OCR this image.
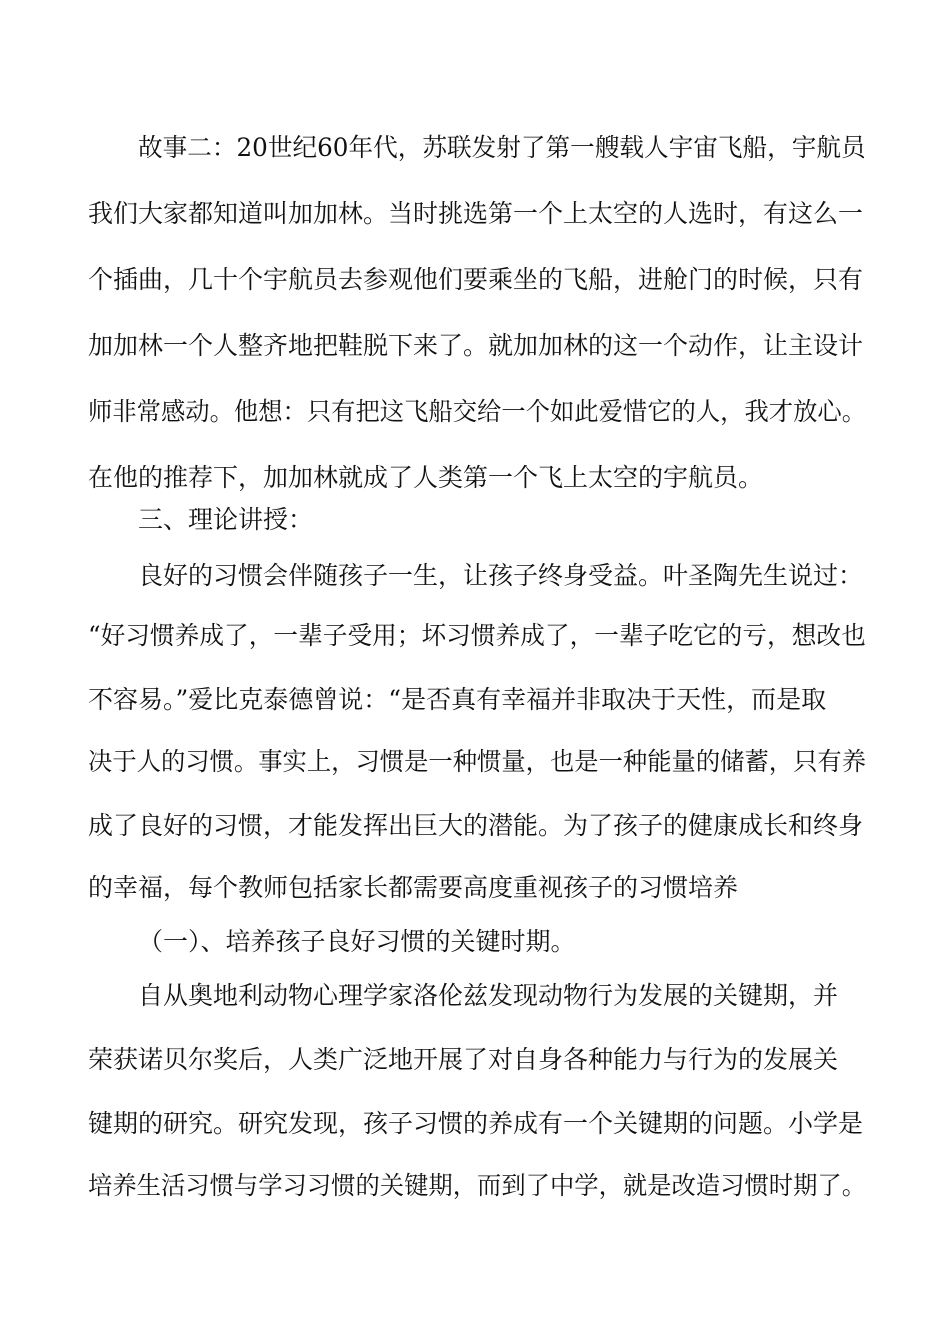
故事二：20世纪60年代，苏联发射了第一艘载人宇宙飞船，宇航员
我们大家都知道叫加加林。当时挑选第一个上太空的人选时，有这么一
个插曲，几十个宇航员去参观他们要乘坐的飞船，进舱门的时候，只有
加加林一个人整齐地把鞋脱下来了。就加加林的这一个动作，让主设计
师非常感动。他想：只有把这飞船交给一个如此爱惜它的人，我才放心。
在他的推荐下，加加林就成了人类第一个飞上太空的宇航员。
三、理论讲授：
良好的习惯会伴随孩子一生，让孩子终身受益。叶圣陶先生说过：
“好习惯养成了，一辈子受用；坏习惯养成了，一辈子吃它的亏，想改也
不容易。”爱比克泰德曾说：“是否真有幸福并非取决于天性，而是取
决于人的习惯。事实上，习惯是一种惯量，也是一种能量的储蓄，只有养
成了良好的习惯，才能发挥出巨大的潜能。为了孩子的健康成长和终身
的幸福，每个教师包括家长都需要高度重视孩子的习惯培养
（一）、培养孩子良好习惯的关键时期。
自从奥地利动物心理学家洛伦兹发现动物行为发展的关键期，并
荣获诺贝尔奖后，人类广泛地开展了对自身各种能力与行为的发展关
键期的研究。研究发现，孩子习惯的养成有一个关键期的问题。小学是
培养生活习惯与学习习惯的关键期，而到了中学，就是改造习惯时期了。
